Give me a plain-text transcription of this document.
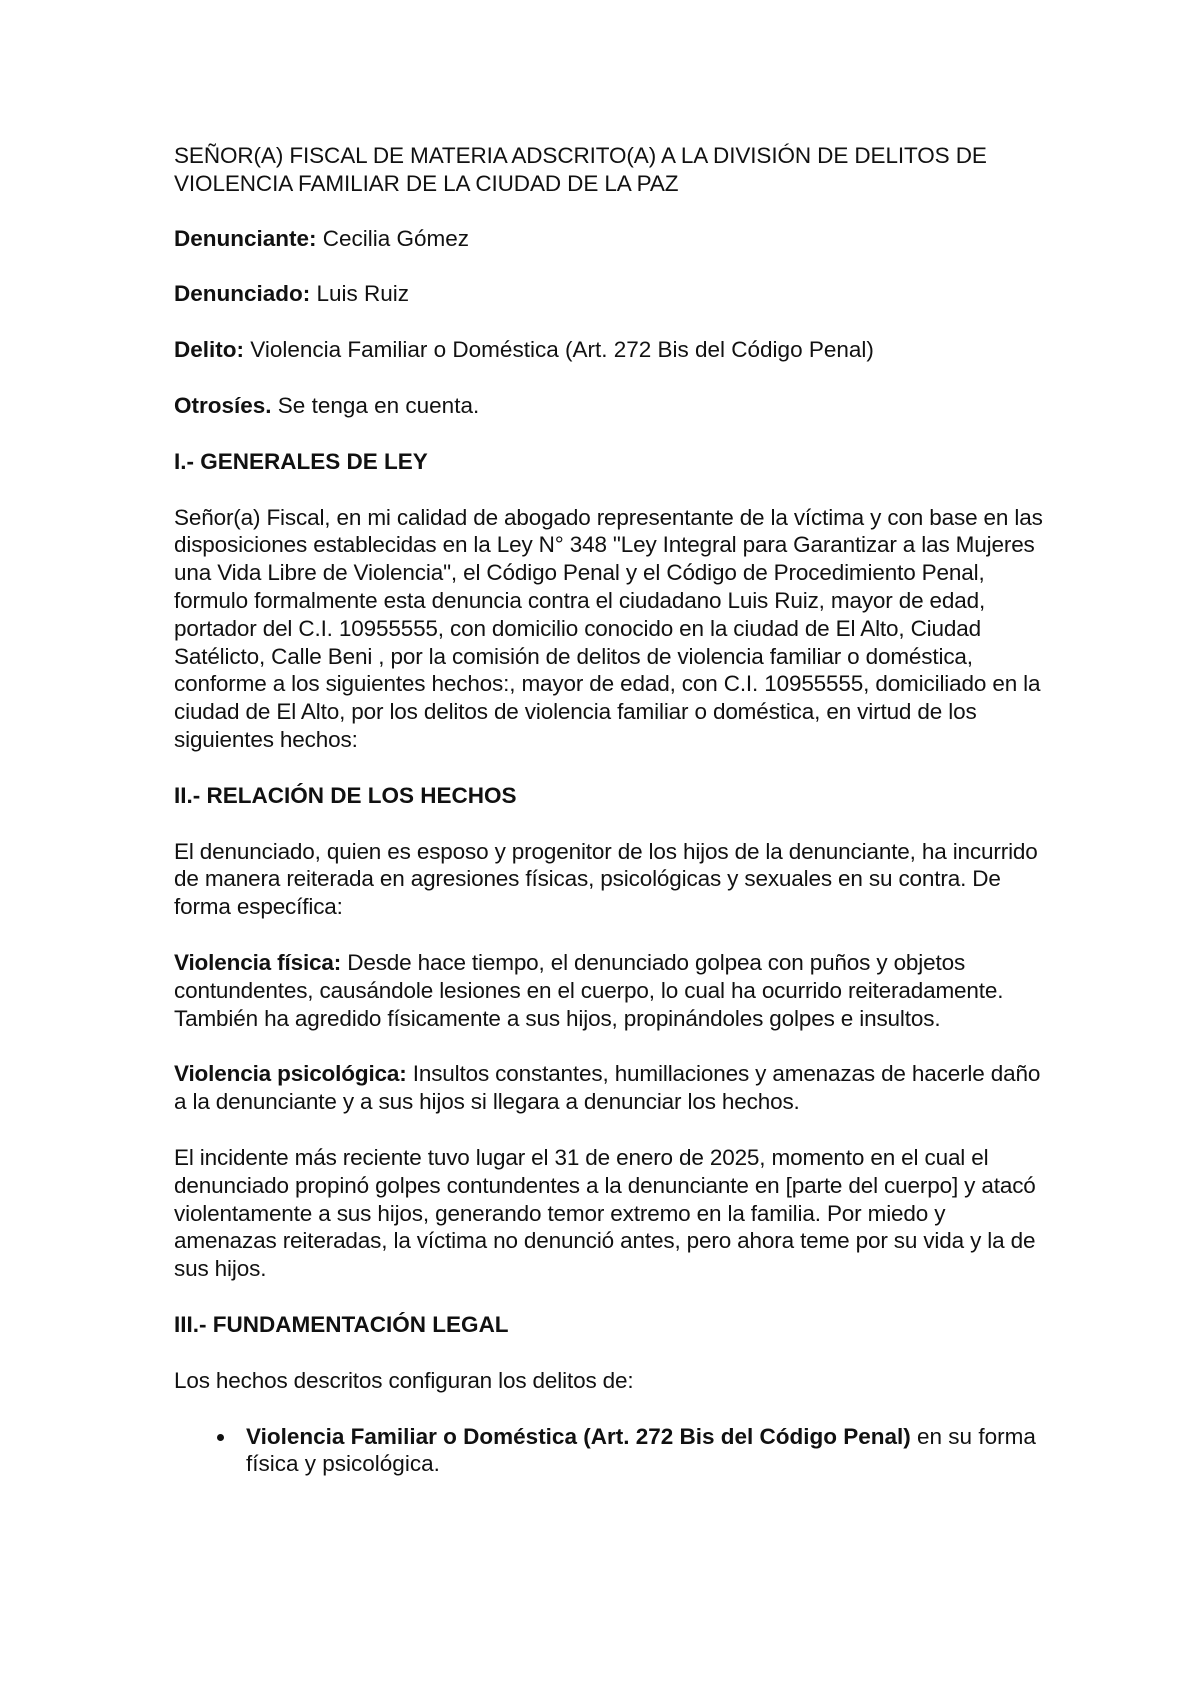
SEÑOR(A) FISCAL DE MATERIA ADSCRITO(A) A LA DIVISIÓN DE DELITOS DE VIOLENCIA FAMILIAR DE LA CIUDAD DE LA PAZ

Denunciante: Cecilia Gómez

Denunciado: Luis Ruiz

Delito: Violencia Familiar o Doméstica (Art. 272 Bis del Código Penal)

Otrosíes. Se tenga en cuenta.

I.- GENERALES DE LEY

Señor(a) Fiscal, en mi calidad de abogado representante de la víctima y con base en las disposiciones establecidas en la Ley N° 348 "Ley Integral para Garantizar a las Mujeres una Vida Libre de Violencia", el Código Penal y el Código de Procedimiento Penal, formulo formalmente esta denuncia contra el ciudadano Luis Ruiz, mayor de edad, portador del C.I. 10955555, con domicilio conocido en la ciudad de El Alto, Ciudad Satélicto, Calle Beni , por la comisión de delitos de violencia familiar o doméstica, conforme a los siguientes hechos:, mayor de edad, con C.I. 10955555, domiciliado en la ciudad de El Alto, por los delitos de violencia familiar o doméstica, en virtud de los siguientes hechos:

II.- RELACIÓN DE LOS HECHOS

El denunciado, quien es esposo y progenitor de los hijos de la denunciante, ha incurrido de manera reiterada en agresiones físicas, psicológicas y sexuales en su contra. De forma específica:

Violencia física: Desde hace tiempo, el denunciado golpea con puños y objetos contundentes, causándole lesiones en el cuerpo, lo cual ha ocurrido reiteradamente. También ha agredido físicamente a sus hijos, propinándoles golpes e insultos.

Violencia psicológica: Insultos constantes, humillaciones y amenazas de hacerle daño a la denunciante y a sus hijos si llegara a denunciar los hechos.

El incidente más reciente tuvo lugar el 31 de enero de 2025, momento en el cual el denunciado propinó golpes contundentes a la denunciante en [parte del cuerpo] y atacó violentamente a sus hijos, generando temor extremo en la familia. Por miedo y amenazas reiteradas, la víctima no denunció antes, pero ahora teme por su vida y la de sus hijos.

III.- FUNDAMENTACIÓN LEGAL

Los hechos descritos configuran los delitos de:

Violencia Familiar o Doméstica (Art. 272 Bis del Código Penal) en su forma física y psicológica.
